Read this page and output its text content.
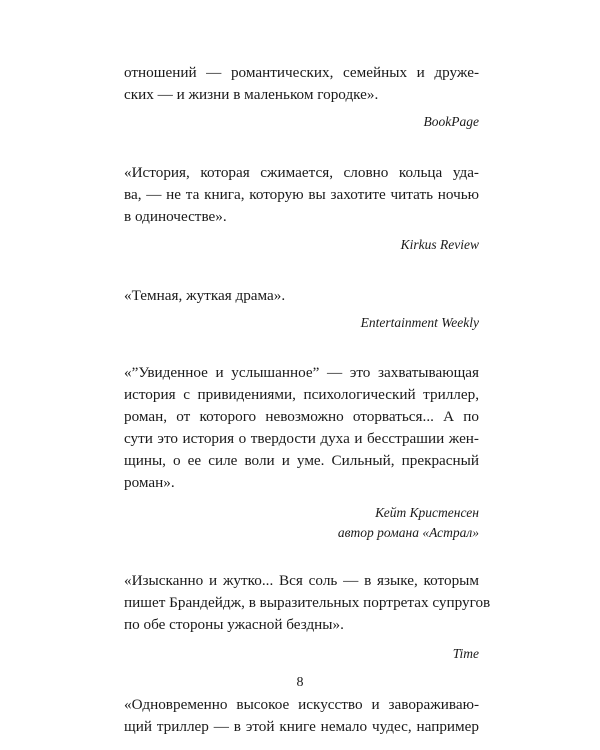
отношений — романтических, семейных и друже-

ских — и жизни в маленьком городке».

BookPage

«История, которая сжимается, словно кольца уда-

ва, — не та книга, которую вы захотите читать ночью

в одиночестве».

Kirkus Review

«Темная, жуткая драма».

Entertainment Weekly

«”Увиденное и услышанное” — это захватывающая

история с привидениями, психологический триллер,

роман, от которого невозможно оторваться... А по

сути это история о твердости духа и бесстрашии жен-

щины, о ее силе воли и уме. Сильный, прекрасный

роман».

Кейт Кристенсен

автор романа «Астрал»

«Изысканно и жутко... Вся соль — в языке, которым

пишет Брандейдж, в выразительных портретах супругов

по обе стороны ужасной бездны».

Time

«Одновременно высокое искусство и завораживаю-

щий триллер — в этой книге немало чудес, например

8
